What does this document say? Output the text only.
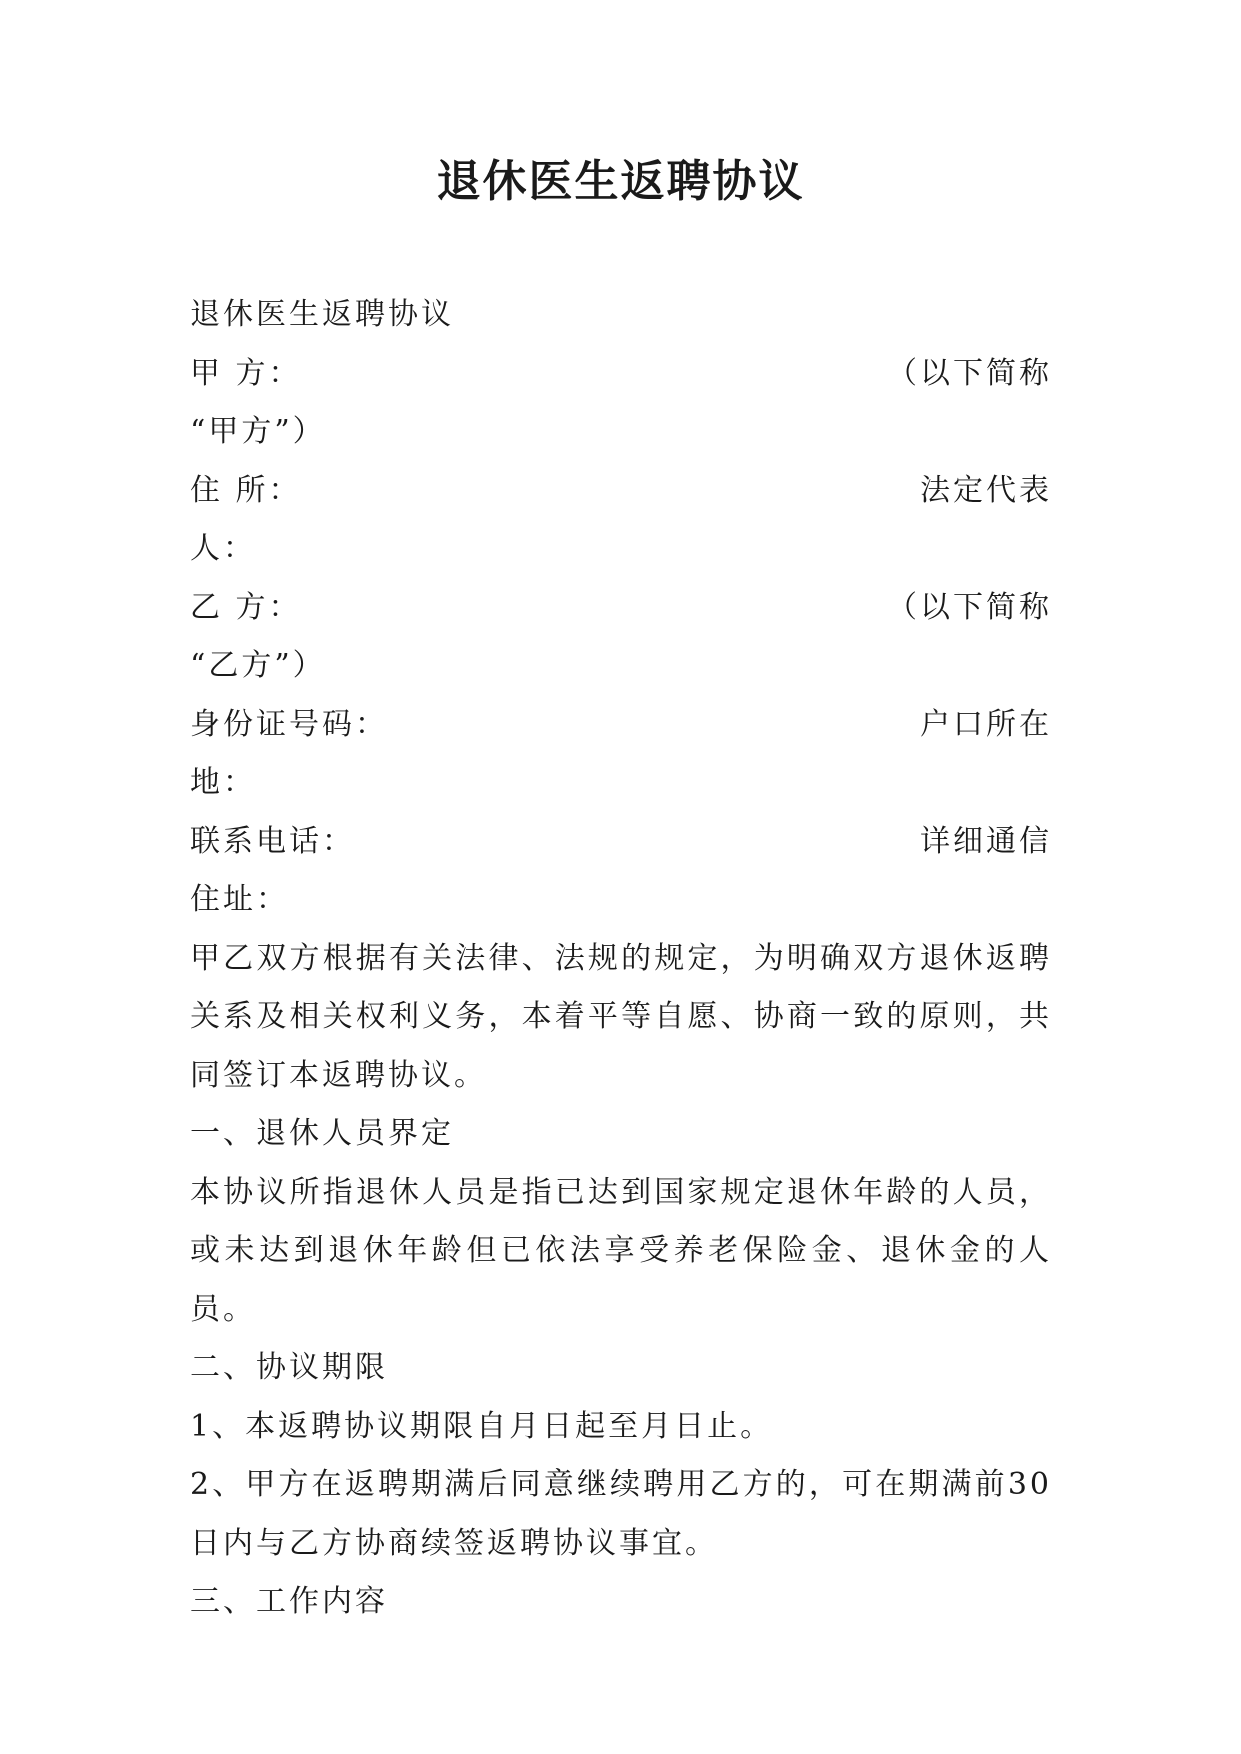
退休医生返聘协议
退休医生返聘协议
甲 方：	（以下简称
“甲方”）
住 所：	法定代表
人：
乙 方：	（以下简称
“乙方”）
身份证号码：	户口所在
地：
联系电话：	详细通信
住址：
甲乙双方根据有关法律、法规的规定，为明确双方退休返聘关系及相关权利义务，本着平等自愿、协商一致的原则，共同签订本返聘协议。
一、退休人员界定
本协议所指退休人员是指已达到国家规定退休年龄的人员，或未达到退休年龄但已依法享受养老保险金、退休金的人员。
二、协议期限
1、本返聘协议期限自月日起至月日止。
2、甲方在返聘期满后同意继续聘用乙方的，可在期满前30日内与乙方协商续签返聘协议事宜。
三、工作内容
